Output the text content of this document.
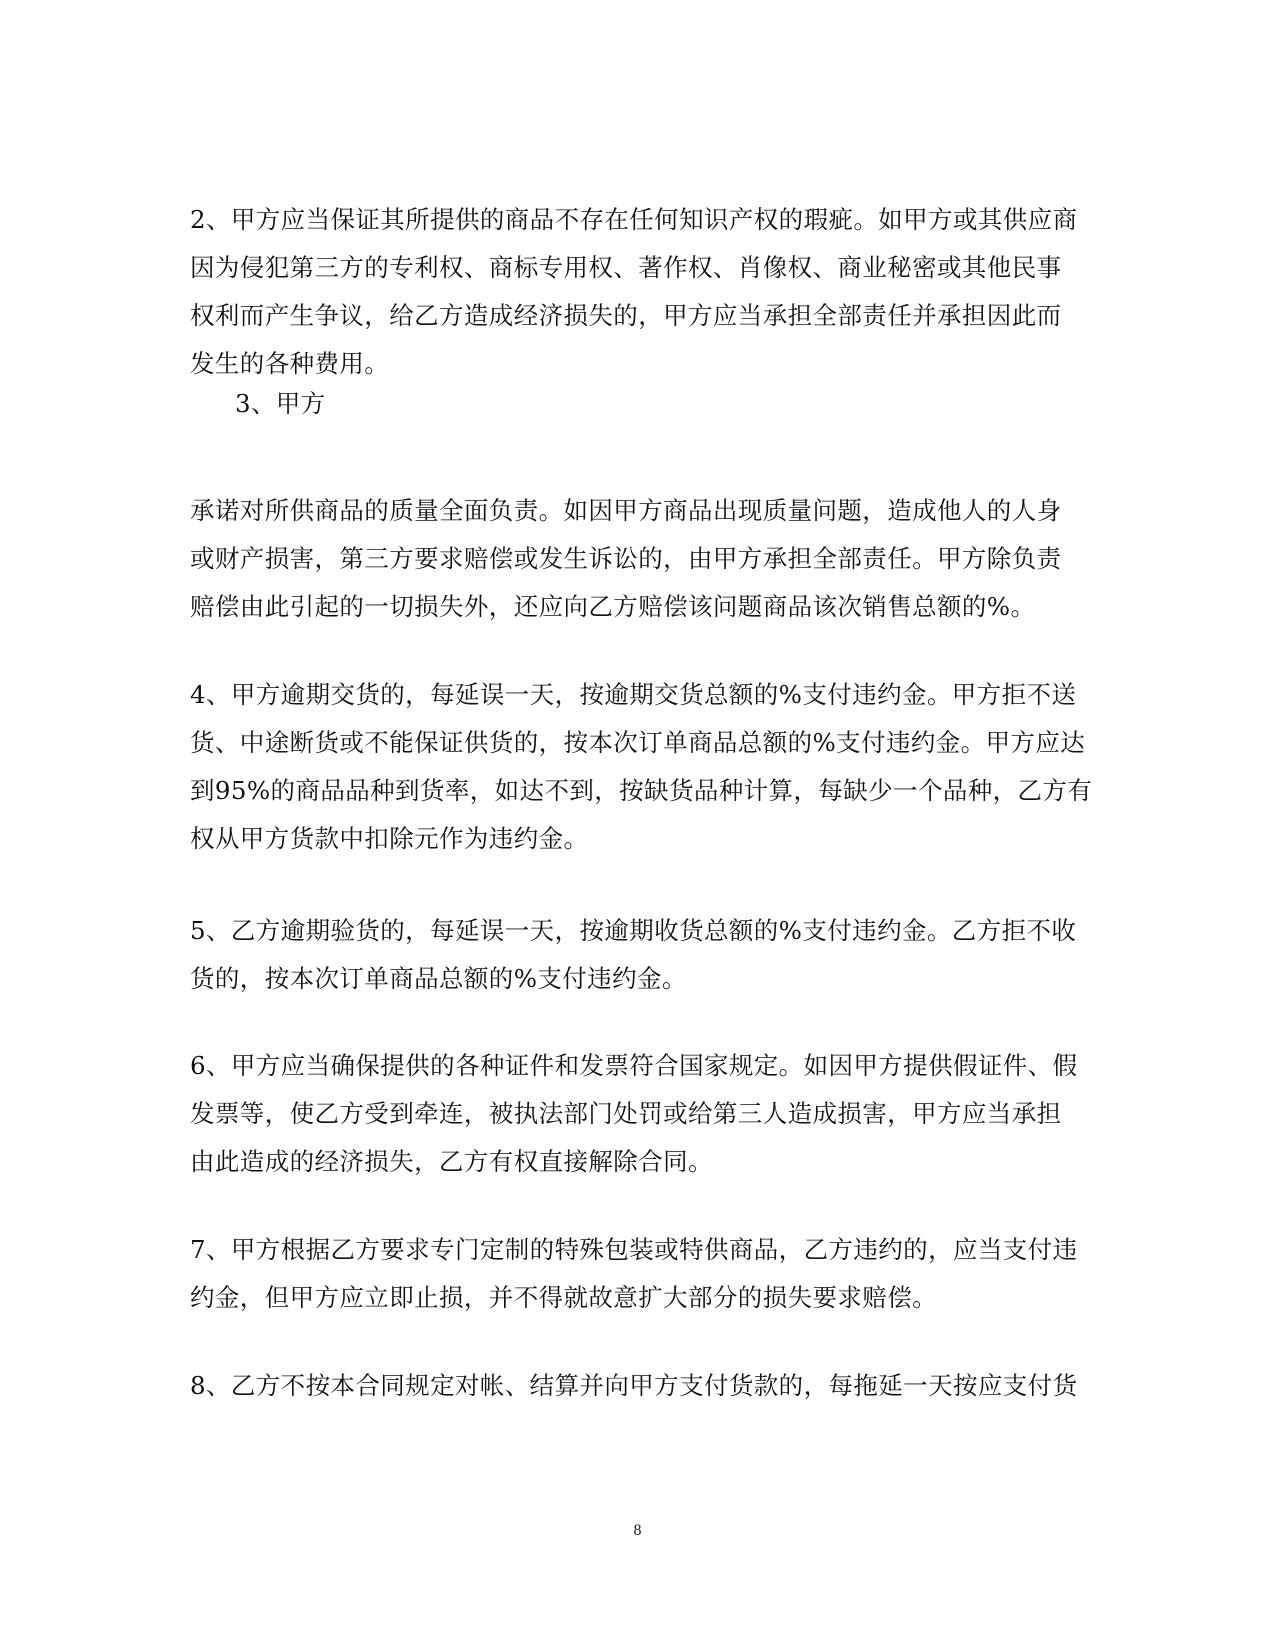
2、甲方应当保证其所提供的商品不存在任何知识产权的瑕疵。如甲方或其供应商
因为侵犯第三方的专利权、商标专用权、著作权、肖像权、商业秘密或其他民事
权利而产生争议，给乙方造成经济损失的，甲方应当承担全部责任并承担因此而
发生的各种费用。
3、甲方
承诺对所供商品的质量全面负责。如因甲方商品出现质量问题，造成他人的人身
或财产损害，第三方要求赔偿或发生诉讼的，由甲方承担全部责任。甲方除负责
赔偿由此引起的一切损失外，还应向乙方赔偿该问题商品该次销售总额的%。
4、甲方逾期交货的，每延误一天，按逾期交货总额的%支付违约金。甲方拒不送
货、中途断货或不能保证供货的，按本次订单商品总额的%支付违约金。甲方应达
到95%的商品品种到货率，如达不到，按缺货品种计算，每缺少一个品种，乙方有
权从甲方货款中扣除元作为违约金。
5、乙方逾期验货的，每延误一天，按逾期收货总额的%支付违约金。乙方拒不收
货的，按本次订单商品总额的%支付违约金。
6、甲方应当确保提供的各种证件和发票符合国家规定。如因甲方提供假证件、假
发票等，使乙方受到牵连，被执法部门处罚或给第三人造成损害，甲方应当承担
由此造成的经济损失，乙方有权直接解除合同。
7、甲方根据乙方要求专门定制的特殊包装或特供商品，乙方违约的，应当支付违
约金，但甲方应立即止损，并不得就故意扩大部分的损失要求赔偿。
8、乙方不按本合同规定对帐、结算并向甲方支付货款的，每拖延一天按应支付货
8
